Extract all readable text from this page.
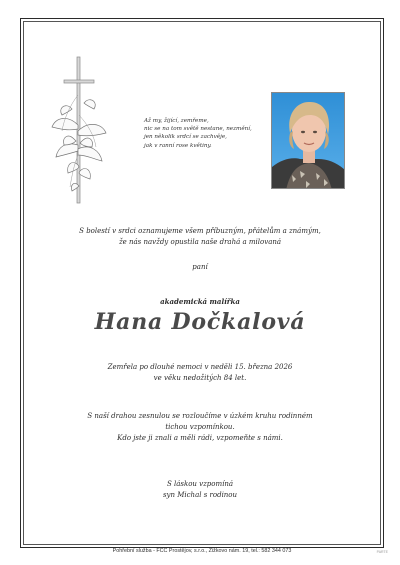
Až my, žijící, zemřeme,
nic se na tom světě nestane, nezmění,
jen několik srdcí se zachvěje,
jak v ranní rose květiny.
S bolestí v srdci oznamujeme všem příbuzným, přátelům a známým,
že nás navždy opustila naše drahá a milovaná
paní
akademická malířka
Hana Dočkalová
Zemřela po dlouhé nemoci v neděli 15. března 2026
ve věku nedožitých 84 let.
S naší drahou zesnulou se rozloučíme v úzkém kruhu rodinném
tichou vzpomínkou.
Kdo jste ji znali a měli rádi, vzpomeňte s námi.
S láskou vzpomíná
syn Michal s rodinou
Pohřební služba - FCC Prostějov, s.r.o., Žižkovo nám. 19, tel.: 582 344 073	PARTE
